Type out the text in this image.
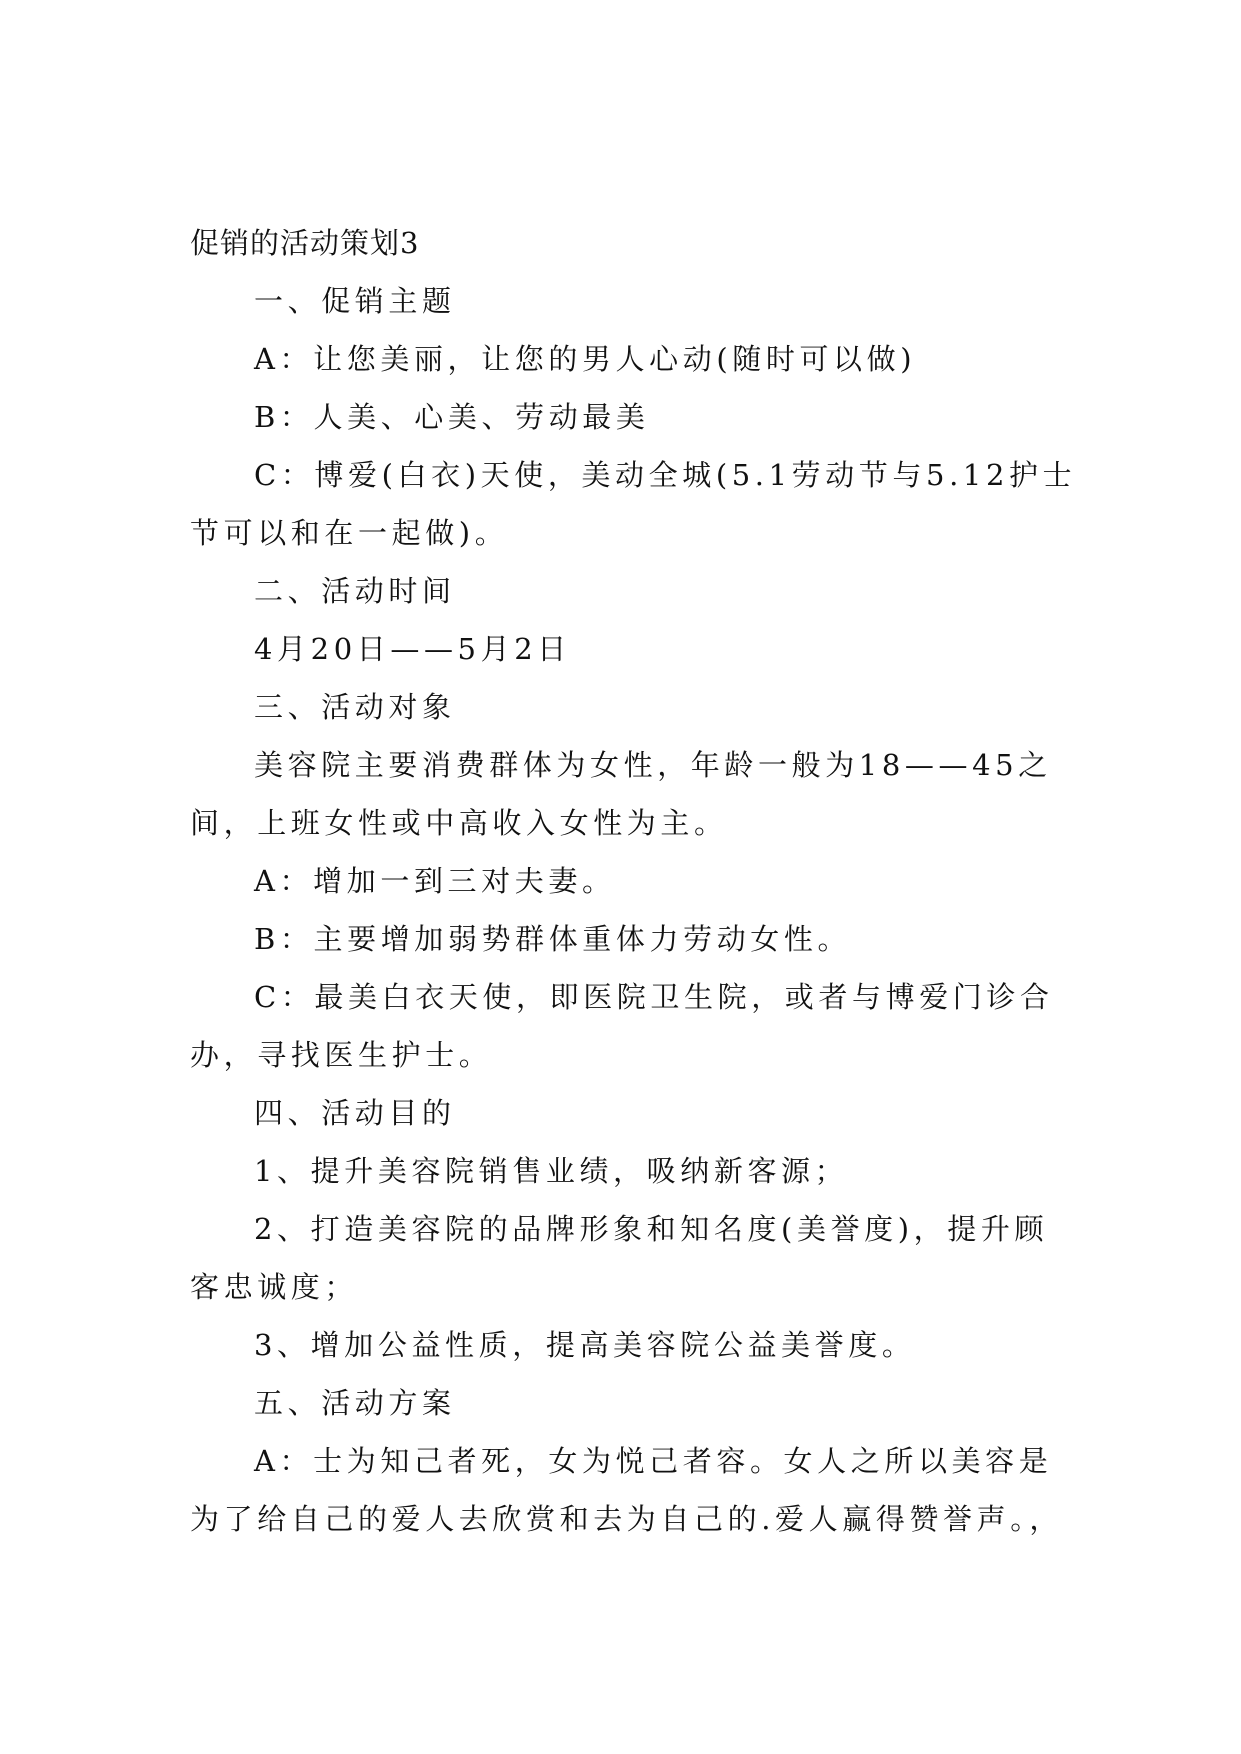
促销的活动策划3
一、促销主题
A：让您美丽，让您的男人心动(随时可以做)
B：人美、心美、劳动最美
C：博爱(白衣)天使，美动全城(5.1劳动节与5.12护士
节可以和在一起做)。
二、活动时间
4月20日——5月2日
三、活动对象
美容院主要消费群体为女性，年龄一般为18——45之
间，上班女性或中高收入女性为主。
A：增加一到三对夫妻。
B：主要增加弱势群体重体力劳动女性。
C：最美白衣天使，即医院卫生院，或者与博爱门诊合
办，寻找医生护士。
四、活动目的
1、提升美容院销售业绩，吸纳新客源；
2、打造美容院的品牌形象和知名度(美誉度)，提升顾
客忠诚度；
3、增加公益性质，提高美容院公益美誉度。
五、活动方案
A：士为知己者死，女为悦己者容。女人之所以美容是
为了给自己的爱人去欣赏和去为自己的.爱人赢得赞誉声。，
